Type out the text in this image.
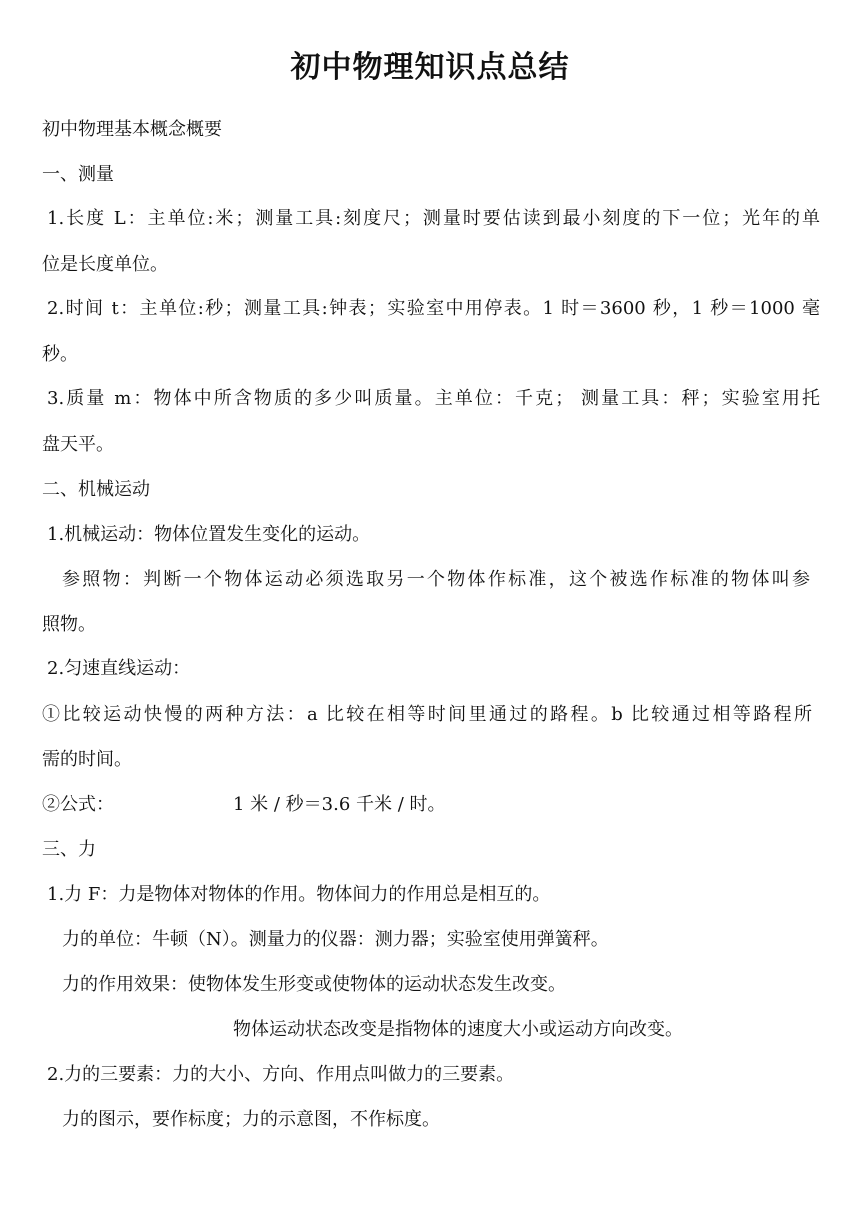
初中物理知识点总结
初中物理基本概念概要
一、测量
1.长度 L：主单位:米；测量工具:刻度尺；测量时要估读到最小刻度的下一位；光年的单
位是长度单位。
2.时间 t：主单位:秒；测量工具:钟表；实验室中用停表。1 时＝3600 秒，1 秒＝1000 毫
秒。
3.质量 m：物体中所含物质的多少叫质量。主单位：千克； 测量工具：秤；实验室用托
盘天平。
二、机械运动
1.机械运动：物体位置发生变化的运动。
参照物：判断一个物体运动必须选取另一个物体作标准，这个被选作标准的物体叫参
照物。
2.匀速直线运动：
①比较运动快慢的两种方法：a 比较在相等时间里通过的路程。b 比较通过相等路程所
需的时间。
②公式：	1 米 / 秒＝3.6 千米 / 时。
三、力
1.力 F：力是物体对物体的作用。物体间力的作用总是相互的。
力的单位：牛顿（N）。测量力的仪器：测力器；实验室使用弹簧秤。
力的作用效果：使物体发生形变或使物体的运动状态发生改变。
物体运动状态改变是指物体的速度大小或运动方向改变。
2.力的三要素：力的大小、方向、作用点叫做力的三要素。
力的图示，要作标度；力的示意图，不作标度。
